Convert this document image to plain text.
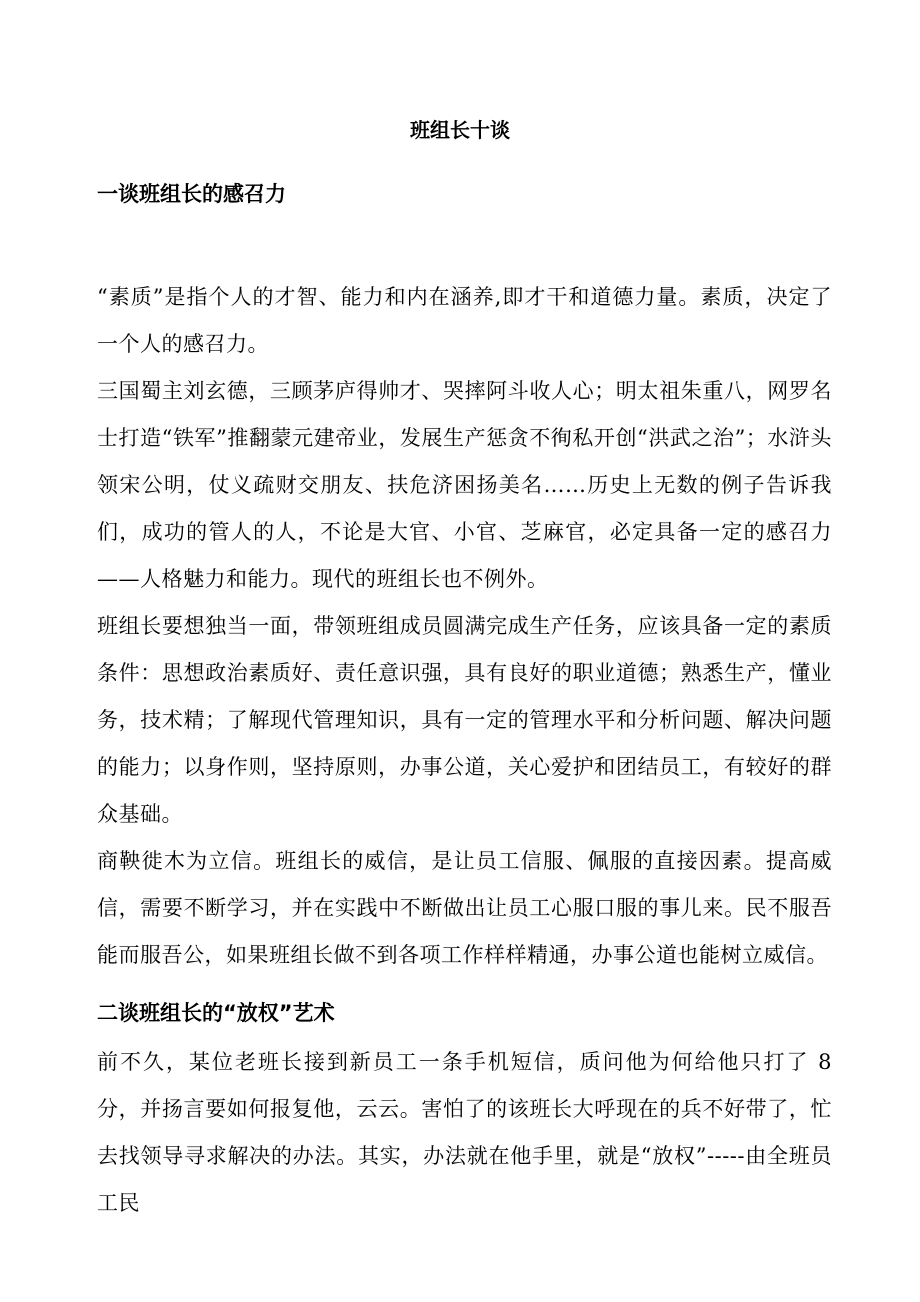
班组长十谈
一谈班组长的感召力

“素质”是指个人的才智、能力和内在涵养,即才干和道德力量。素质，决定了一个人的感召力。

三国蜀主刘玄德，三顾茅庐得帅才、哭摔阿斗收人心；明太祖朱重八，网罗名士打造“铁军”推翻蒙元建帝业，发展生产惩贪不徇私开创“洪武之治”；水浒头领宋公明，仗义疏财交朋友、扶危济困扬美名……历史上无数的例子告诉我们，成功的管人的人，不论是大官、小官、芝麻官，必定具备一定的感召力——人格魅力和能力。现代的班组长也不例外。

班组长要想独当一面，带领班组成员圆满完成生产任务，应该具备一定的素质条件：思想政治素质好、责任意识强，具有良好的职业道德；熟悉生产，懂业务，技术精；了解现代管理知识，具有一定的管理水平和分析问题、解决问题的能力；以身作则，坚持原则，办事公道，关心爱护和团结员工，有较好的群众基础。

商鞅徙木为立信。班组长的威信，是让员工信服、佩服的直接因素。提高威信，需要不断学习，并在实践中不断做出让员工心服口服的事儿来。民不服吾能而服吾公，如果班组长做不到各项工作样样精通，办事公道也能树立威信。

二谈班组长的“放权”艺术

前不久，某位老班长接到新员工一条手机短信，质问他为何给他只打了 8 分，并扬言要如何报复他，云云。害怕了的该班长大呼现在的兵不好带了，忙去找领导寻求解决的办法。其实，办法就在他手里，就是“放权”-----由全班员工民
